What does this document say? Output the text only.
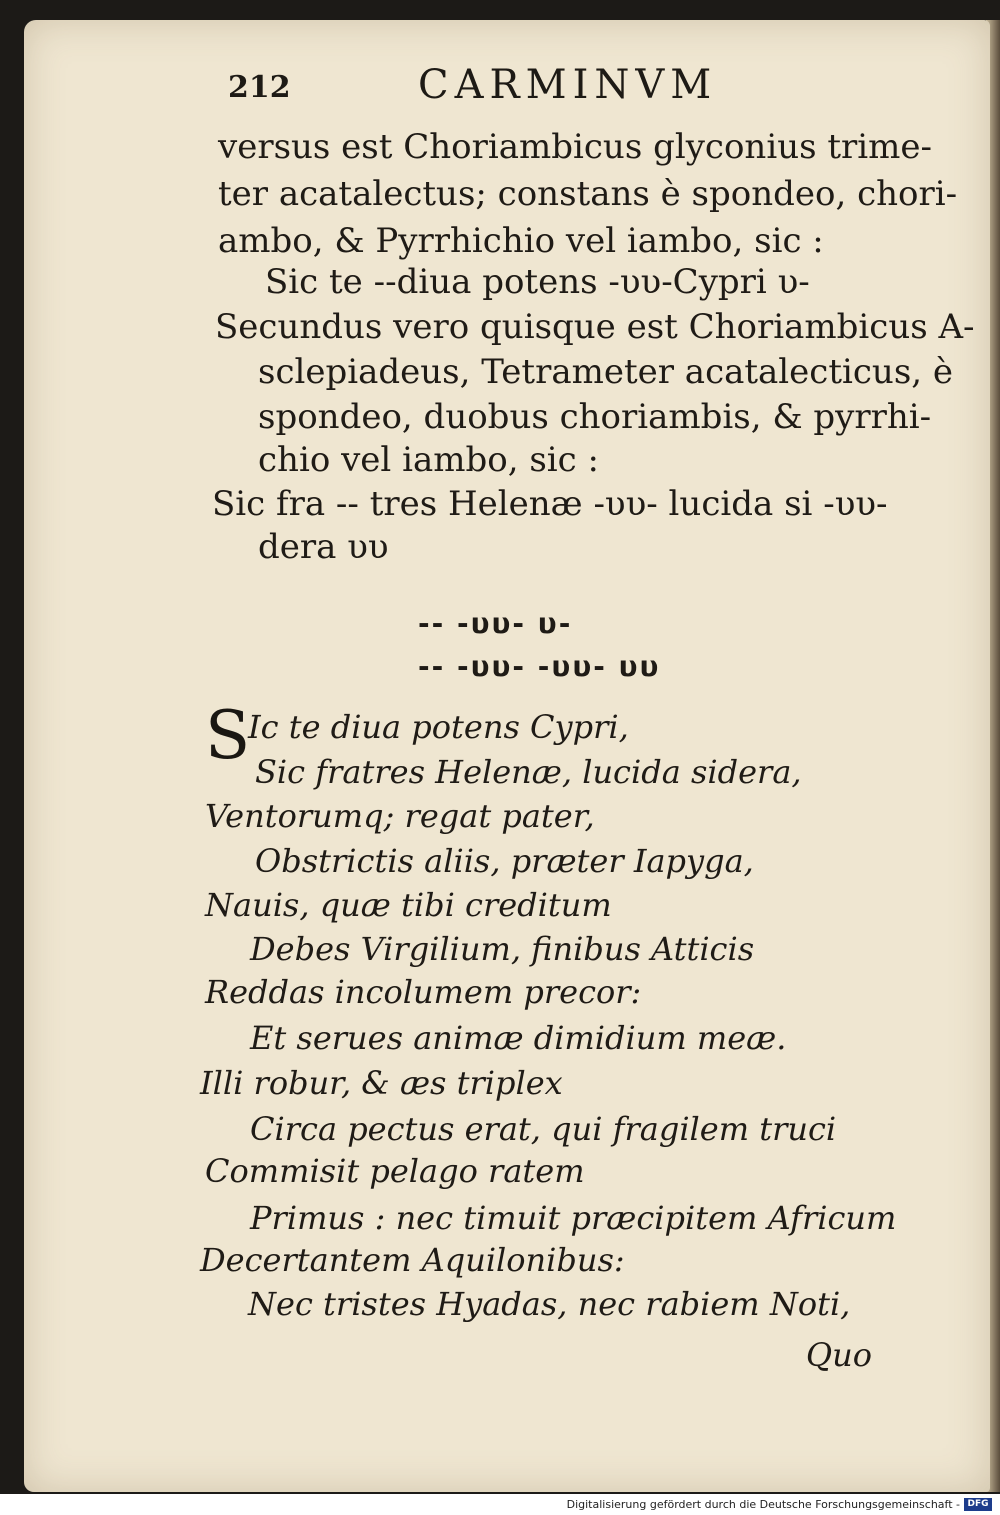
212	CARMINVM
versus est Choriambicus glyconius trime-
ter acatalectus; constans è spondeo, chori-
ambo, & Pyrrhichio vel iambo, sic :
Sic te --diua potens -υυ-Cypri υ-
Secundus vero quisque est Choriambicus A-
sclepiadeus, Tetrameter acatalecticus, è
spondeo, duobus choriambis, & pyrrhi-
chio vel iambo, sic :
Sic fra -- tres Helenæ -υυ- lucida si -υυ-
dera υυ
-- -υυ- υ-
-- -υυ- -υυ- υυ
S
Ic te diua potens Cypri,
Sic fratres Helenæ, lucida sidera,
Ventorumq; regat pater,
Obstrictis aliis, præter Iapyga,
Nauis, quæ tibi creditum
Debes Virgilium, finibus Atticis
Reddas incolumem precor:
Et serues animæ dimidium meæ.
Illi robur, & æs triplex
Circa pectus erat, qui fragilem truci
Commisit pelago ratem
Primus : nec timuit præcipitem Africum
Decertantem Aquilonibus:
Nec tristes Hyadas, nec rabiem Noti,
Quo
Digitalisierung gefördert durch die Deutsche Forschungsgemeinschaft - DFG
